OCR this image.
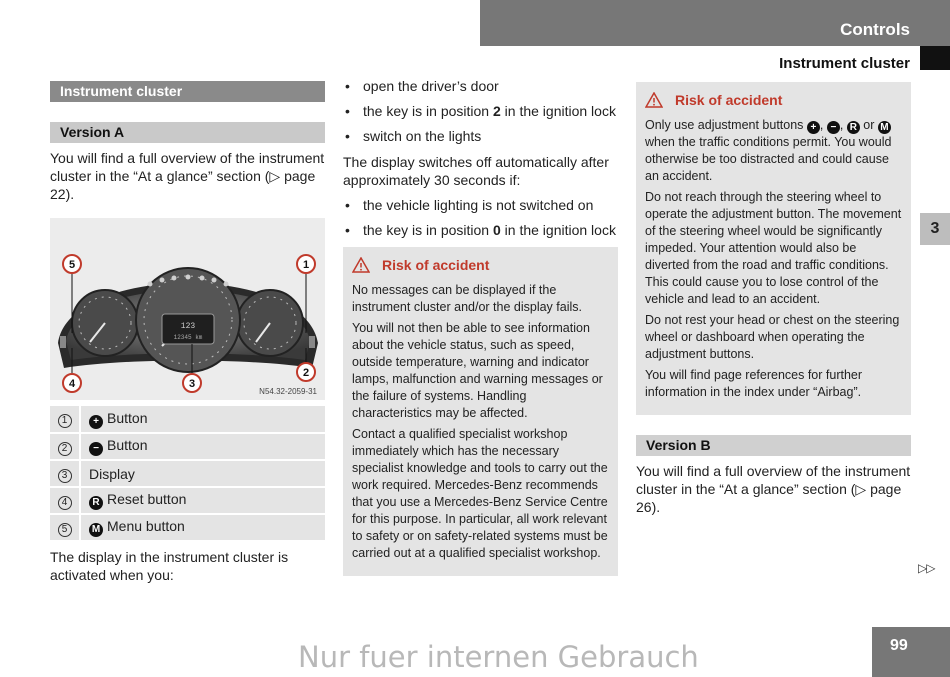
Controls
Instrument cluster
3
▷▷
Instrument cluster
Version A

You will find a full overview of the instrument cluster in the “At a glance” section (▷ page 22).

123
12345 km
5	1
2
4	3
N54.32-2059-31
1	+ Button
2	− Button
3	Display
4	R Reset button
5	M Menu button

The display in the instrument cluster is activated when you:

• open the driver’s door
• the key is in position 2 in the ignition lock
• switch on the lights

The display switches off automatically after approximately 30 seconds if:

• the vehicle lighting is not switched on
• the key is in position 0 in the ignition lock
Risk of accident

No messages can be displayed if the instrument cluster and/or the display fails.

You will not then be able to see information about the vehicle status, such as speed, outside temperature, warning and indicator lamps, malfunction and warning messages or the failure of systems. Handling characteristics may be affected.

Contact a qualified specialist workshop immediately which has the necessary specialist knowledge and tools to carry out the work required. Mercedes-Benz recommends that you use a Mercedes-Benz Service Centre for this purpose. In particular, all work relevant to safety or on safety-related systems must be carried out at a qualified specialist workshop.

Risk of accident

Only use adjustment buttons + , − , R or M when the traffic conditions permit. You would otherwise be too distracted and could cause an accident.

Do not reach through the steering wheel to operate the adjustment button. The movement of the steering wheel would be significantly impeded. Your attention would also be diverted from the road and traffic conditions. This could cause you to lose control of the vehicle and lead to an accident.

Do not rest your head or chest on the steering wheel or dashboard when operating the adjustment buttons.

You will find page references for further information in the index under “Airbag”.

Version B

You will find a full overview of the instrument cluster in the “At a glance” section (▷ page 26).

99
Nur fuer internen Gebrauch
